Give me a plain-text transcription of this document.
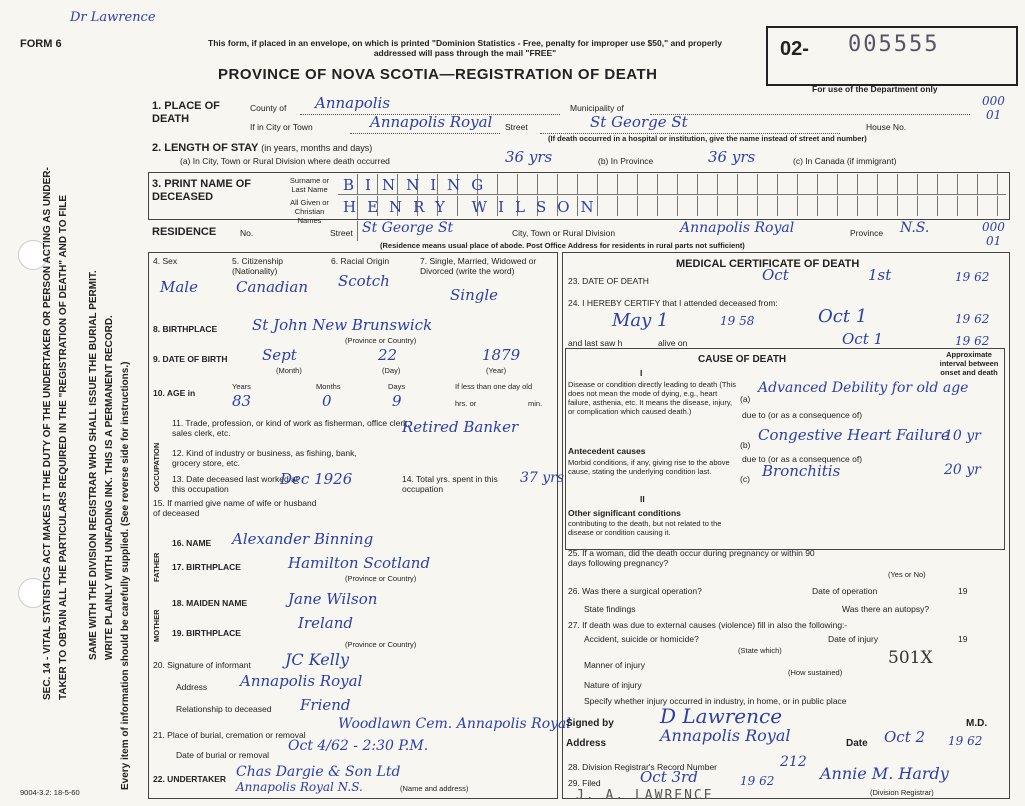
Dr Lawrence
FORM 6	This form, if placed in an envelope, on which is printed "Dominion Statistics - Free, penalty for improper use $50," and properly addressed will pass through the mail "FREE"	02- 005555
PROVINCE OF NOVA SCOTIA—REGISTRATION OF DEATH
For use of the Department only
000
01
SEC. 14 - VITAL STATISTICS ACT MAKES IT THE DUTY OF THE UNDERTAKER OR PERSON ACTING AS UNDER- TAKER TO OBTAIN ALL THE PARTICULARS REQUIRED IN THE "REGISTRATION OF DEATH" AND TO FILE SAME WITH THE DIVISION REGISTRAR WHO SHALL ISSUE THE BURIAL PERMIT. WRITE PLAINLY WITH UNFADING INK. THIS IS A PERMANENT RECORD. Every item of information should be carefully supplied. (See reverse side for instructions.)
1. PLACE OF DEATH
County of Annapolis	Municipality of
If in City or Town	Annapolis Royal Street	St George St	House No.
(If death occurred in a hospital or institution, give the name instead of street and number)
2. LENGTH OF STAY (in years, months and days)
(a) In City, Town or Rural Division where death occurred	36 yrs	(b) In Province	36 yrs	(c) In Canada (if immigrant)
3. PRINT NAME OF DECEASED
Surname or Last Name	BINNING
All Given or Christian Names
HENRY WILSON
RESIDENCE	No.	Street St George St	City, Town or Rural Division	Annapolis Royal	Province N.S.	000
01
(Residence means usual place of abode. Post Office Address for residents in rural parts not sufficient)
4. Sex
Male
5. Citizenship (Nationality)
Canadian
6. Racial Origin
Scotch
7. Single, Married, Widowed or Divorced (write the word)
Single
8. BIRTHPLACE St John New Brunswick
(Province or Country)
9. DATE OF BIRTH Sept	22	1879
(Month)	(Day)	(Year)
10. AGE in
Years
83
Months
0
Days
9
If less than one day old
hrs. or	min.
OCCUPATION
11. Trade, profession, or kind of work as fisherman, office clerk, sales clerk, etc.	Retired Banker
12. Kind of industry or business, as fishing, bank, grocery store, etc.
13. Date deceased last worked at this occupation
Dec 1926	14. Total yrs. spent in this occupation
37 yrs
15. If married give name of wife or husband of deceased
FATHER
16. NAME Alexander Binning
17. BIRTHPLACE	Hamilton Scotland
(Province or Country)
MOTHER
18. MAIDEN NAME	Jane Wilson
19. BIRTHPLACE
Ireland
(Province or Country)
20. Signature of informant JC Kelly
Address Annapolis Royal
Relationship to deceased Friend
21. Place of burial, cremation or removal
Woodlawn Cem. Annapolis Royal
Date of burial or removal
Oct 4/62 - 2:30 P.M.
22. UNDERTAKER Chas Dargie & Son Ltd
Annapolis Royal N.S.	(Name and address)
MEDICAL CERTIFICATE OF DEATH
23. DATE OF DEATH	Oct	1st	19 62
24. I HEREBY CERTIFY that I attended deceased from:
May 1	19 58	Oct 1	19 62
and last saw h	alive on	Oct 1	19 62
CAUSE OF DEATH	Approximate interval between onset and death
I
Disease or condition directly leading to death (This does not mean the mode of dying, e.g., heart failure, asthenia, etc. It means the disease, injury, or complication which caused death.)
(a)
Advanced Debility for old age
due to (or as a consequence of)
Antecedent causes
Morbid conditions, if any, giving rise to the above cause, stating the underlying condition last.
(b)
Congestive Heart Failure
10 yr
due to (or as a consequence of)
(c) Bronchitis	20 yr
II
Other significant conditions
contributing to the death, but not related to the disease or condition causing it.
25. If a woman, did the death occur during pregnancy or within 90 days following pregnancy?
(Yes or No)
26. Was there a surgical operation?	Date of operation	19
State findings	Was there an autopsy?
27. If death was due to external causes (violence) fill in also the following:-
Accident, suicide or homicide?	Date of injury	19
(State which)
Manner of injury	501X
(How sustained)
Nature of injury
Specify whether injury occurred in industry, in home, or in public place
Signed by D Lawrence	M.D.
Address	Annapolis Royal	Date Oct 2 19 62
28. Division Registrar's Record Number	212
29. Filed	Oct 3rd	19 62	Annie M. Hardy
(Division Registrar)
9004-3.2: 18-5-60	J. A. LAWRENCE
